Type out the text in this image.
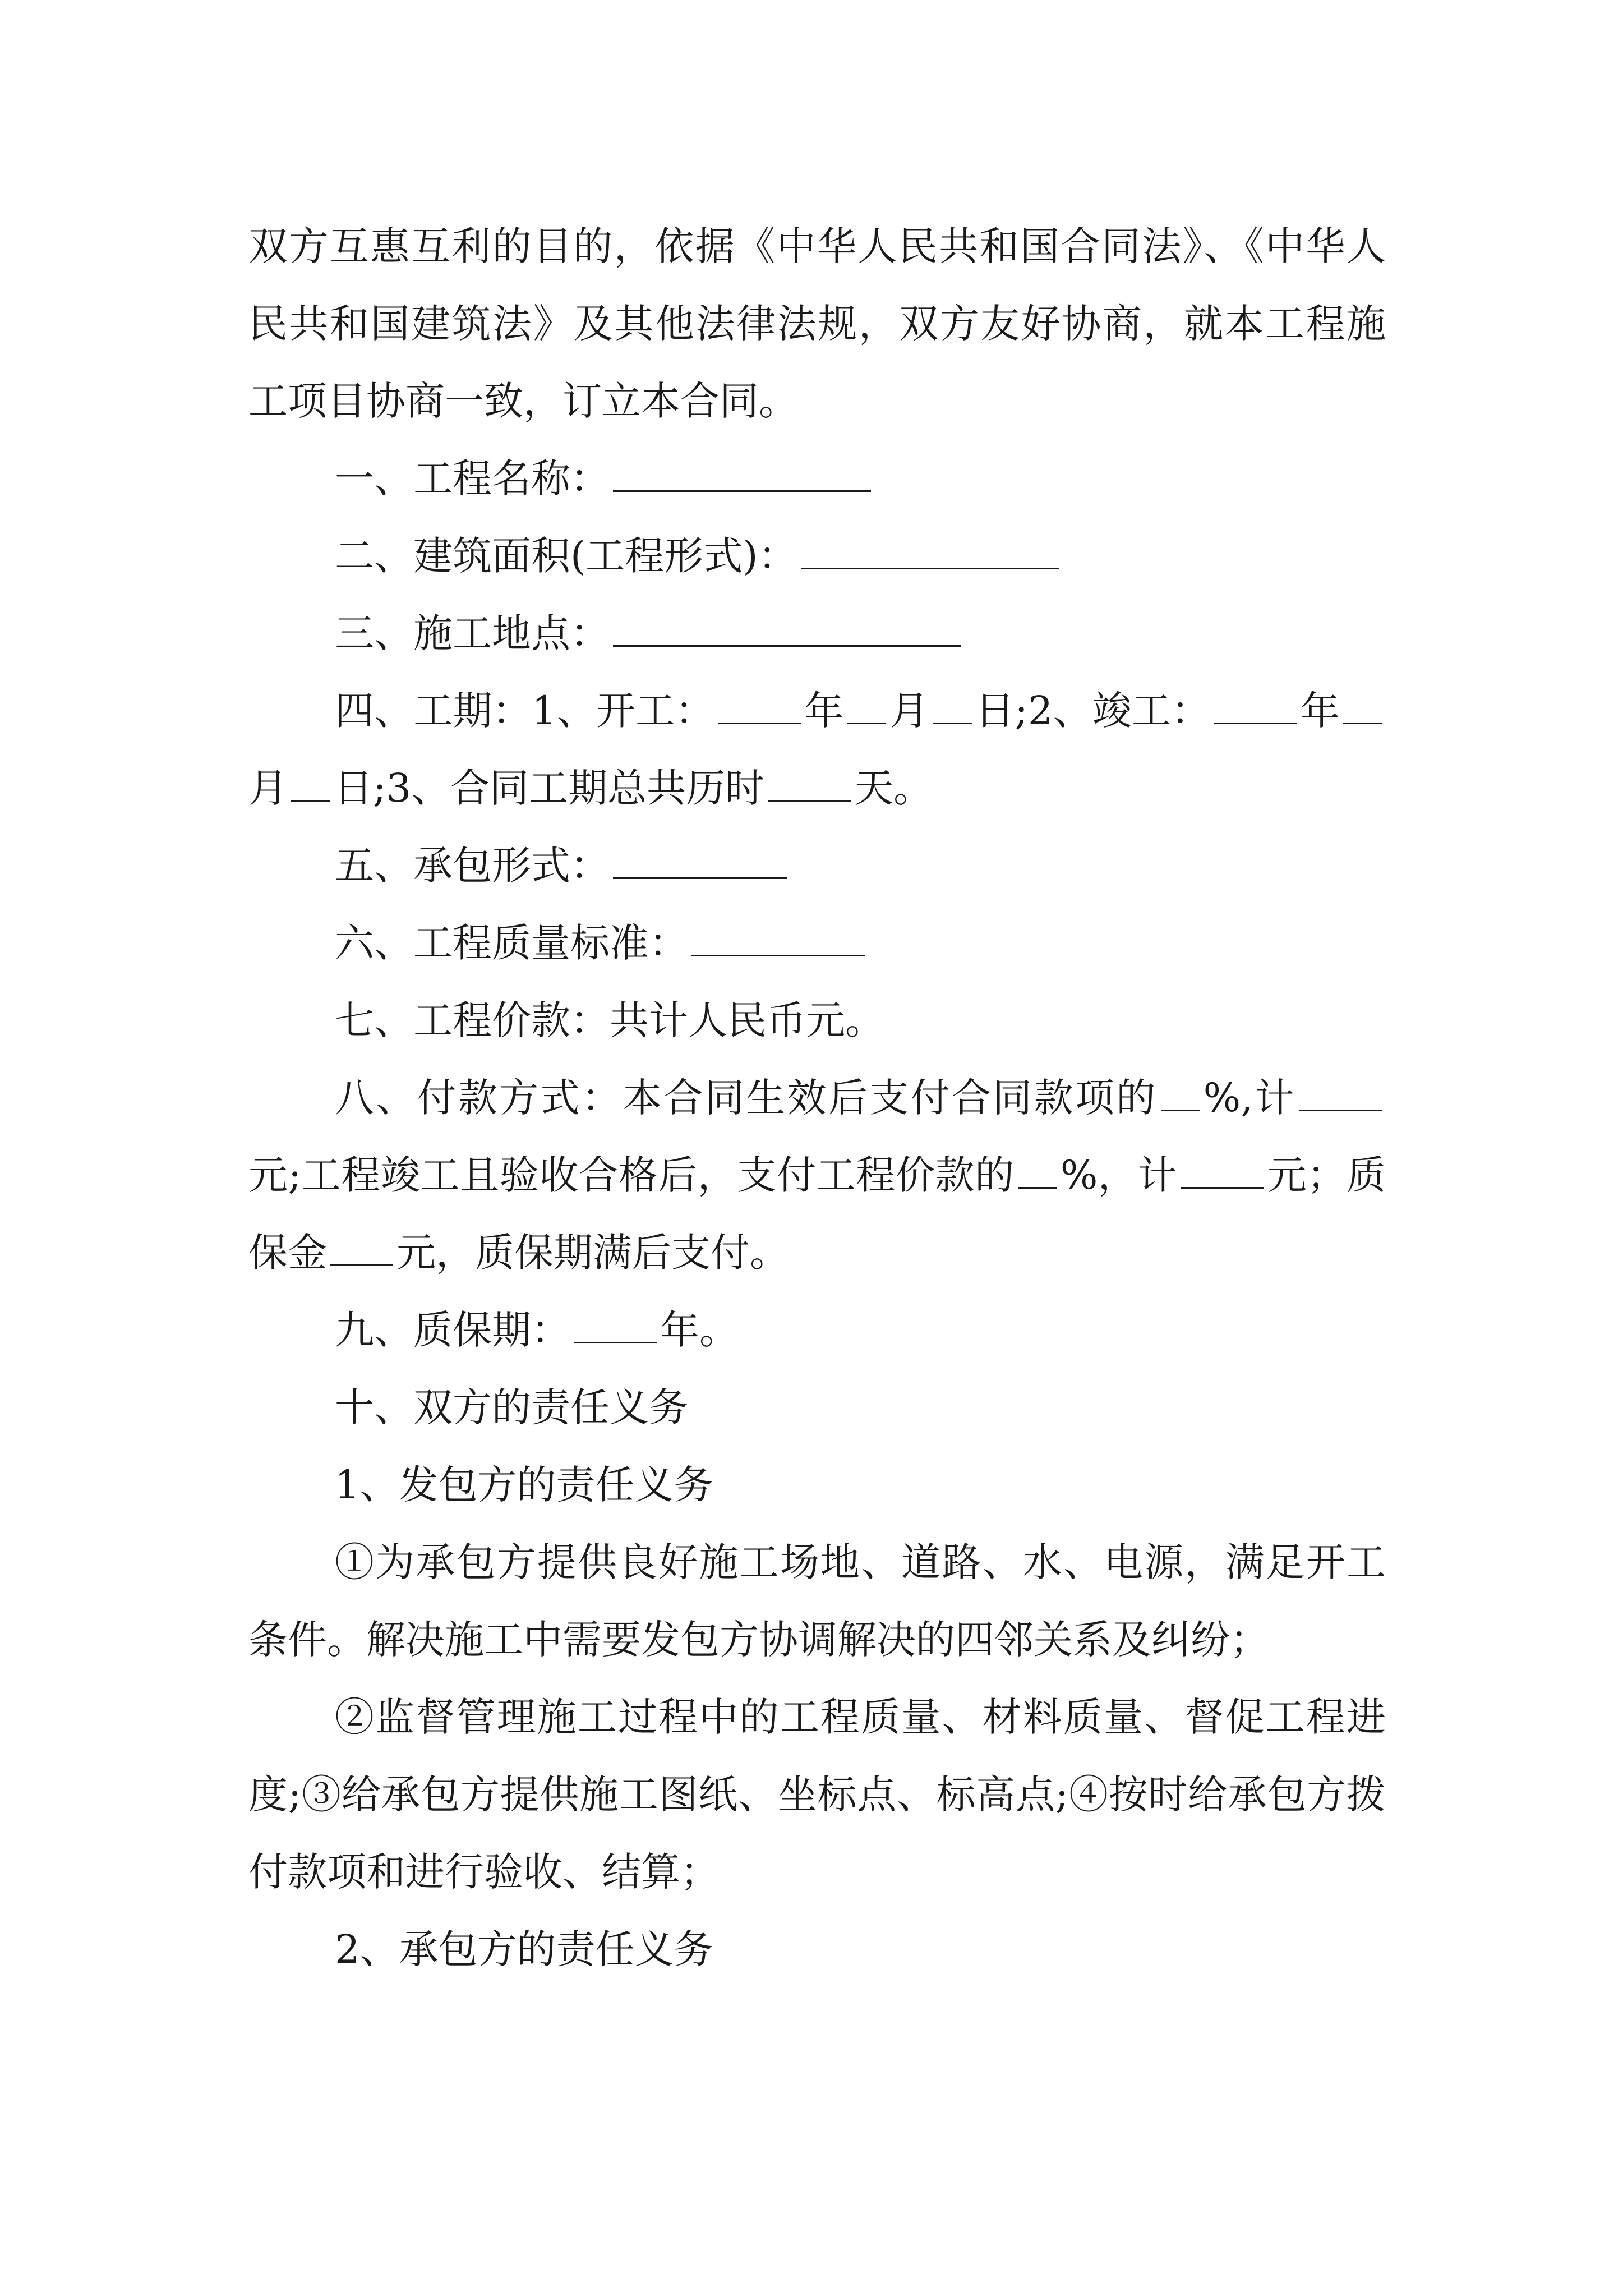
双方互惠互利的目的，依据《中华人民共和国合同法》、《中华人民共和国建筑法》及其他法律法规，双方友好协商，就本工程施工项目协商一致，订立本合同。

一、工程名称：

二、建筑面积(工程形式)：

三、施工地点：

四、工期：1、开工： 年 月 日;2、竣工： 年月 日;3、合同工期总共历时 天。

五、承包形式：

六、工程质量标准：

七、工程价款：共计人民币元。

八、付款方式：本合同生效后支付合同款项的 %,计元;工程竣工且验收合格后，支付工程价款的 %，计 元；质保金 元，质保期满后支付。

九、质保期： 年。

十、双方的责任义务

1、发包方的责任义务

①为承包方提供良好施工场地、道路、水、电源，满足开工条件。解决施工中需要发包方协调解决的四邻关系及纠纷；

②监督管理施工过程中的工程质量、材料质量、督促工程进度;③给承包方提供施工图纸、坐标点、标高点;④按时给承包方拨付款项和进行验收、结算；

2、承包方的责任义务
